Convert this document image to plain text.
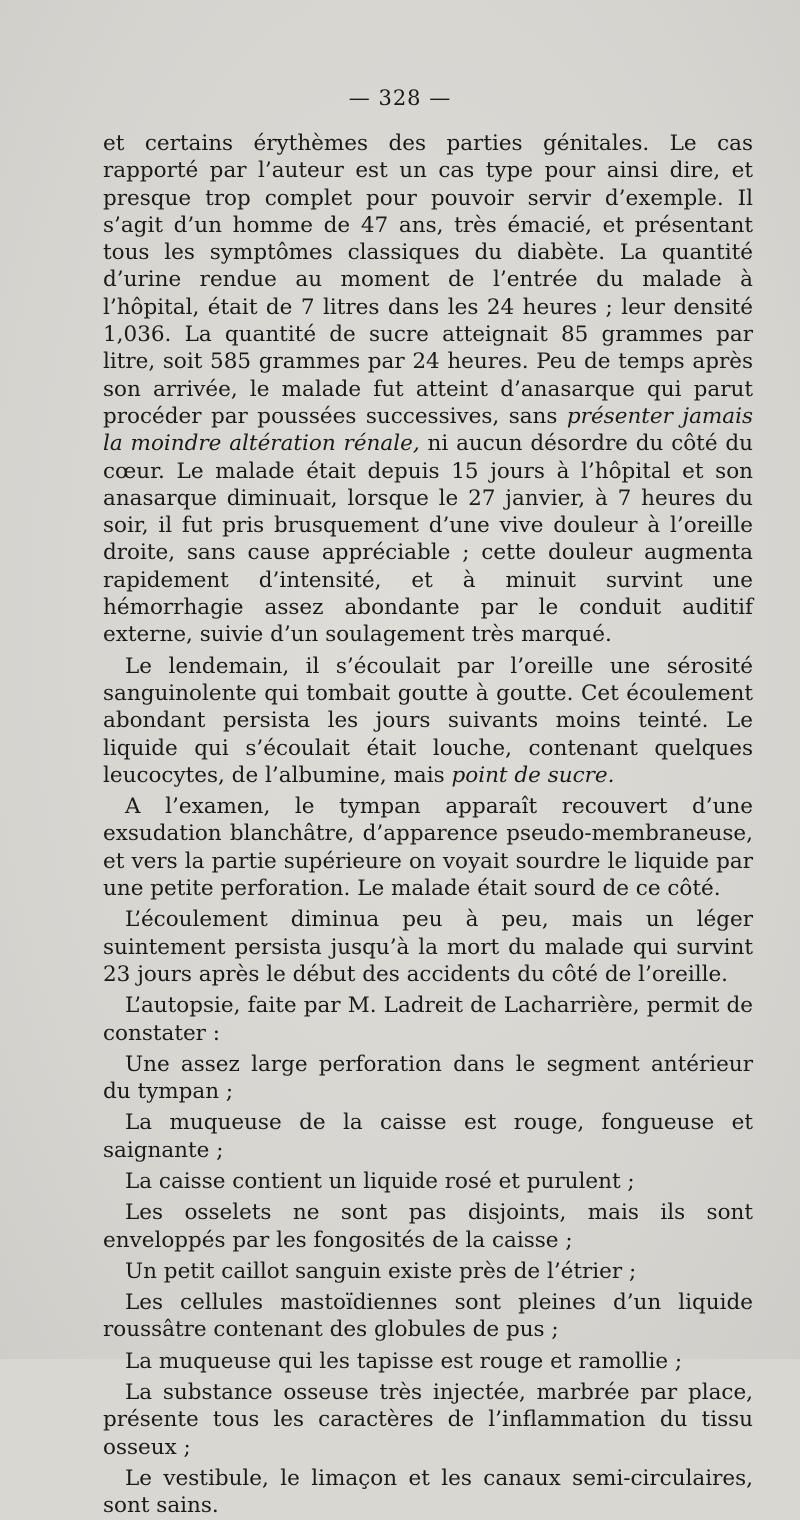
— 328 —

et certains érythèmes des parties génitales. Le cas rapporté par l’auteur est un cas type pour ainsi dire, et presque trop complet pour pouvoir servir d’exemple. Il s’agit d’un homme de 47 ans, très émacié, et présentant tous les symptômes classiques du diabète. La quantité d’urine rendue au moment de l’entrée du malade à l’hôpital, était de 7 litres dans les 24 heures ; leur densité 1,036. La quantité de sucre atteignait 85 grammes par litre, soit 585 grammes par 24 heures. Peu de temps après son arrivée, le malade fut atteint d’anasarque qui parut procéder par poussées successives, sans présenter jamais la moindre altération rénale, ni aucun désordre du côté du cœur. Le malade était depuis 15 jours à l’hôpital et son anasarque diminuait, lorsque le 27 janvier, à 7 heures du soir, il fut pris brusquement d’une vive douleur à l’oreille droite, sans cause appréciable ; cette douleur augmenta rapidement d’intensité, et à minuit survint une hémorrhagie assez abondante par le conduit auditif externe, suivie d’un soulagement très marqué.

Le lendemain, il s’écoulait par l’oreille une sérosité sanguinolente qui tombait goutte à goutte. Cet écoulement abondant persista les jours suivants moins teinté. Le liquide qui s’écoulait était louche, contenant quelques leucocytes, de l’albumine, mais point de sucre.

A l’examen, le tympan apparaît recouvert d’une exsudation blanchâtre, d’apparence pseudo-membraneuse, et vers la partie supérieure on voyait sourdre le liquide par une petite perforation. Le malade était sourd de ce côté.

L’écoulement diminua peu à peu, mais un léger suintement persista jusqu’à la mort du malade qui survint 23 jours après le début des accidents du côté de l’oreille.

L’autopsie, faite par M. Ladreit de Lacharrière, permit de constater :

Une assez large perforation dans le segment antérieur du tympan ;

La muqueuse de la caisse est rouge, fongueuse et saignante ;

La caisse contient un liquide rosé et purulent ;

Les osselets ne sont pas disjoints, mais ils sont enveloppés par les fongosités de la caisse ;

Un petit caillot sanguin existe près de l’étrier ;

Les cellules mastoïdiennes sont pleines d’un liquide roussâtre contenant des globules de pus ;

La muqueuse qui les tapisse est rouge et ramollie ;

La substance osseuse très injectée, marbrée par place, présente tous les caractères de l’inflammation du tissu osseux ;

Le vestibule, le limaçon et les canaux semi-circulaires, sont sains.
